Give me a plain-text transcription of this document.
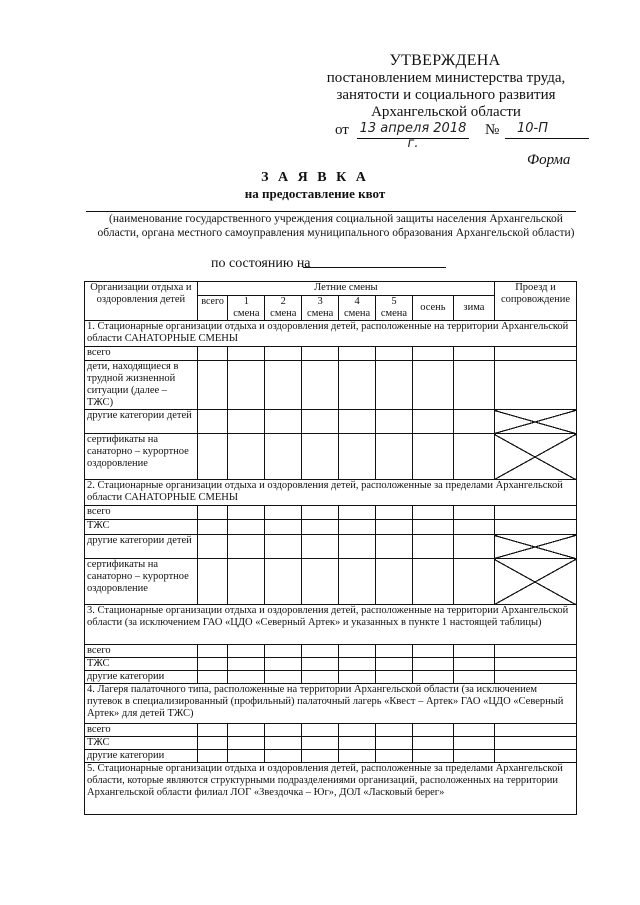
УТВЕРЖДЕНА
постановлением министерства труда,
занятости и социального развития
Архангельской области
от 13 апреля 2018 г.
№	10-П
Форма
З А Я В К А
на предоставление квот
(наименование государственного учреждения социальной защиты населения Архангельской области, органа местного самоуправления муниципального образования Архангельской области)
по состоянию на
Организации отдыха и оздоровления детей	Летние смены								Проезд и сопровождение
	всего	1 смена	2 смена	3 смена	4 смена	5 смена	осень	зима	
1. Стационарные организации отдыха и оздоровления детей, расположенные на территории Архангельской области САНАТОРНЫЕ СМЕНЫ									
всего									
дети, находящиеся в трудной жизненной ситуации (далее – ТЖС)									
другие категории детей									
сертификаты на санаторно – курортное оздоровление									
2. Стационарные организации отдыха и оздоровления детей, расположенные за пределами Архангельской области САНАТОРНЫЕ СМЕНЫ									
всего									
ТЖС									
другие категории детей									
сертификаты на санаторно – курортное оздоровление									
3. Стационарные организации отдыха и оздоровления детей, расположенные на территории Архангельской области (за исключением ГАО «ЦДО «Северный Артек» и указанных в пункте 1 настоящей таблицы)									
всего									
ТЖС									
другие категории									
4. Лагеря палаточного типа, расположенные на территории Архангельской области (за исключением путевок в специализированный (профильный) палаточный лагерь «Квест – Артек» ГАО «ЦДО «Северный Артек» для детей ТЖС)									
всего									
ТЖС									
другие категории									
5. Стационарные организации отдыха и оздоровления детей, расположенные за пределами Архангельской области, которые являются структурными подразделениями организаций, расположенных на территории Архангельской области филиал ЛОГ «Звездочка – Юг», ДОЛ «Ласковый берег»									
